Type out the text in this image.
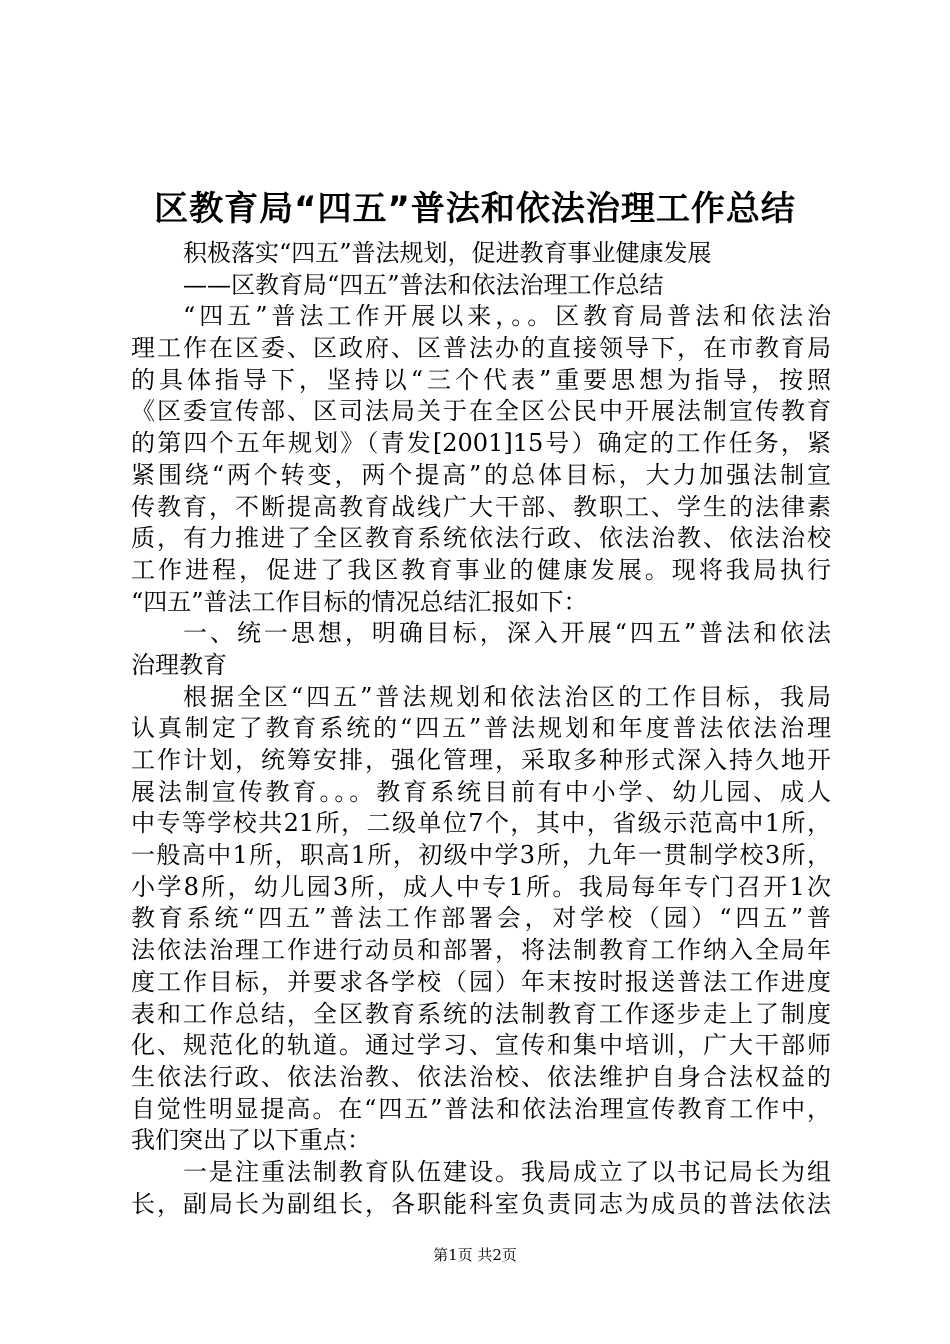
区教育局“四五”普法和依法治理工作总结
积极落实“四五”普法规划，促进教育事业健康发展
——区教育局“四五”普法和依法治理工作总结
“四五”普法工作开展以来，。。区教育局普法和依法治
理工作在区委、区政府、区普法办的直接领导下，在市教育局
的具体指导下，坚持以“三个代表”重要思想为指导，按照
《区委宣传部、区司法局关于在全区公民中开展法制宣传教育
的第四个五年规划》（青发[2001]15号）确定的工作任务，紧
紧围绕“两个转变，两个提高”的总体目标，大力加强法制宣
传教育，不断提高教育战线广大干部、教职工、学生的法律素
质，有力推进了全区教育系统依法行政、依法治教、依法治校
工作进程，促进了我区教育事业的健康发展。现将我局执行
“四五”普法工作目标的情况总结汇报如下：
一、统一思想，明确目标，深入开展“四五”普法和依法
治理教育
根据全区“四五”普法规划和依法治区的工作目标，我局
认真制定了教育系统的“四五”普法规划和年度普法依法治理
工作计划，统筹安排，强化管理，采取多种形式深入持久地开
展法制宣传教育。。。教育系统目前有中小学、幼儿园、成人
中专等学校共21所，二级单位7个，其中，省级示范高中1所，
一般高中1所，职高1所，初级中学3所，九年一贯制学校3所，
小学8所，幼儿园3所，成人中专1所。我局每年专门召开1次
教育系统“四五”普法工作部署会，对学校（园）“四五”普
法依法治理工作进行动员和部署，将法制教育工作纳入全局年
度工作目标，并要求各学校（园）年末按时报送普法工作进度
表和工作总结，全区教育系统的法制教育工作逐步走上了制度
化、规范化的轨道。通过学习、宣传和集中培训，广大干部师
生依法行政、依法治教、依法治校、依法维护自身合法权益的
自觉性明显提高。在“四五”普法和依法治理宣传教育工作中，
我们突出了以下重点：
一是注重法制教育队伍建设。我局成立了以书记局长为组
长，副局长为副组长，各职能科室负责同志为成员的普法依法
第1页 共2页
